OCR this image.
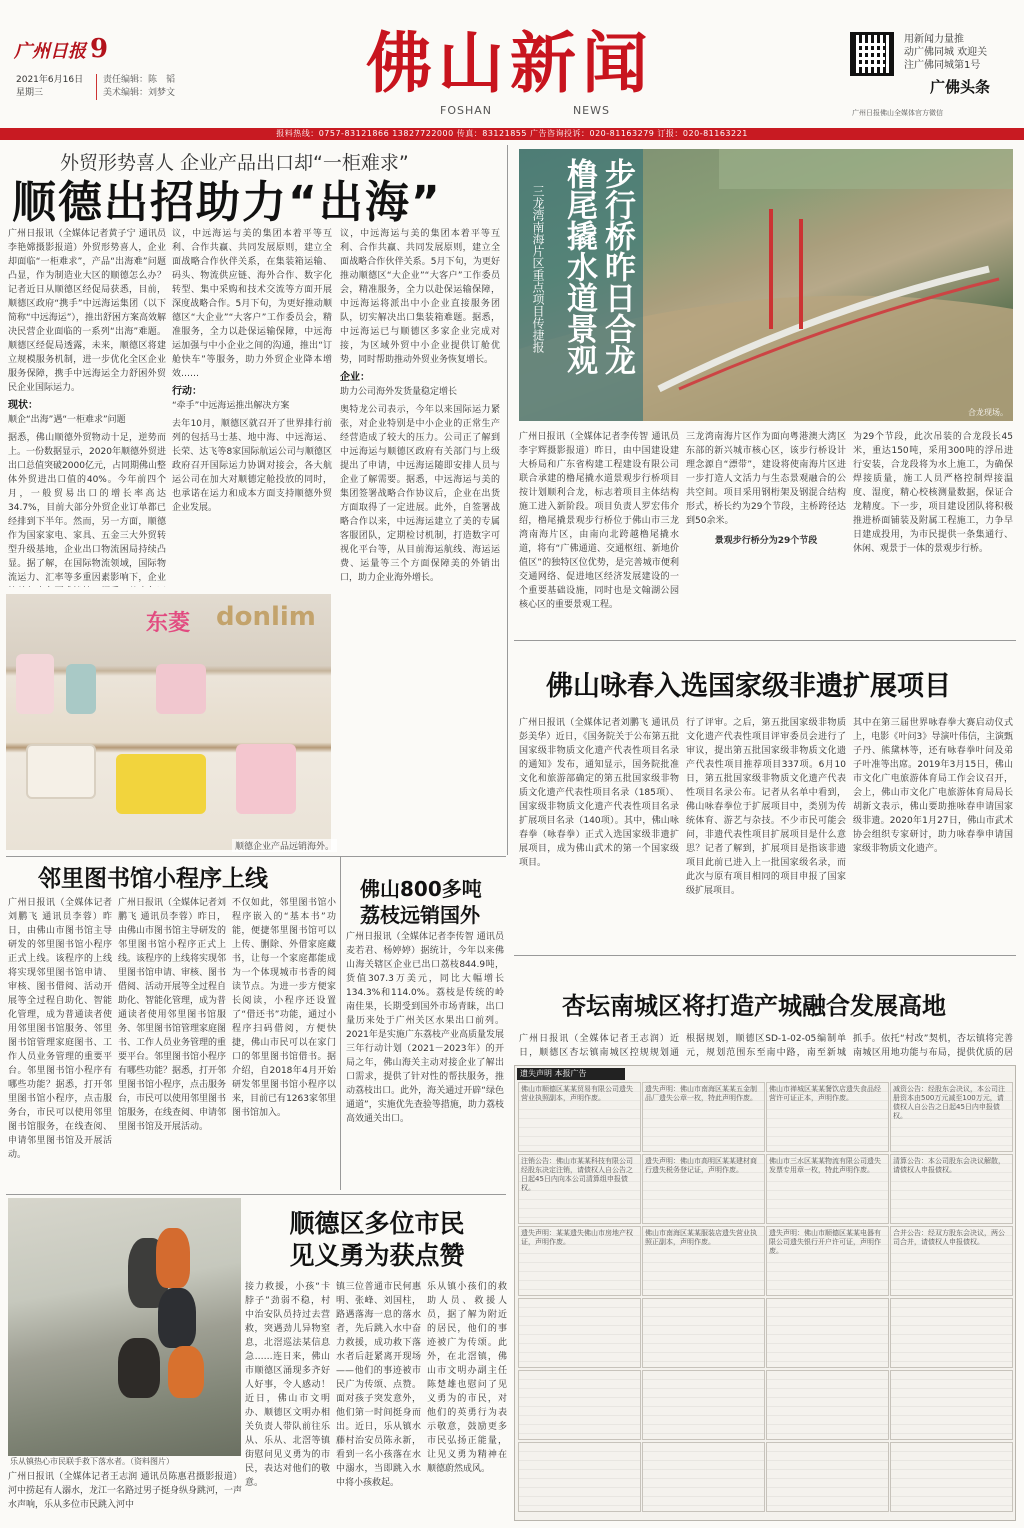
广州日报 9
2021年6月16日
星期三
责任编辑：陈　韬
美术编辑：刘梦文	佛山新闻
FOSHAN	NEWS
用新闻力量推
动广佛同城 欢迎关
注广佛同城第1号
广佛头条
广州日报佛山全媒体官方微信
报料热线：0757-83121866 13827722000 传真：83121855 广告咨询投诉：020-81163279 订报：020-81163221
外贸形势喜人 企业产品出口却“一柜难求”
顺德出招助力“出海”

广州日报讯（全媒体记者黄子宁 通讯员李艳嫦摄影报道）外贸形势喜人，企业却面临“一柜难求”，产品“出海难”问题凸显，作为制造业大区的顺德怎么办？记者近日从顺德区经促局获悉，目前，顺德区政府“携手”中远海运集团（以下简称“中远海运”），推出舒困方案高效解决民营企业面临的一系列“出海”难题。顺德区经促局透露，未来，顺德区将建立规模服务机制，进一步优化全区企业服务保障，携手中远海运全力舒困外贸民企业国际运力。

现状：

顺企“出海”遇“一柜难求”问题

据悉，佛山顺德外贸物动十足，逆势而上。一份数据显示，2020年顺德外贸进出口总值突破2000亿元，占同期佛山整体外贸进出口值的40%。今年前四个月，一般贸易出口的增长率高达34.7%，目前大部分外贸企业订单都已经排到下半年。然而，另一方面，顺德作为国家家电、家具、五金三大外贸转型升级基地，企业出口物流困局持续凸显。据了解，在国际物流领域，国际物流运力、汇率等多重因素影响下，企业

议，中远海运与美的集团本着平等互利、合作共赢、共同发展原则，建立全面战略合作伙伴关系，在集装箱运输、码头、物流供应链、海外合作、数字化转型、集中采购和技术交流等方面开展深度战略合作。5月下旬，为更好推动顺德区“大企业”“大客户”工作委员会，精准服务，全力以赴保运输保障，中远海运加强与中小企业之间的沟通，推出“订舱快车”等服务，助力外贸企业降本增效……

行动：

“牵手”中远海运推出解决方案

去年10月，顺德区就召开了世界排行前列的包括马士基、地中海、中远海运、长荣、达飞等8家国际航运公司与顺德区政府召开国际运力协调对接会，各大航运公司在加大对顺德定舱投放的同时，也承诺在运力和成本方面支持顺德外贸企业发展。

议，中远海运与美的集团本着平等互利、合作共赢、共同发展原则，建立全面战略合作伙伴关系。5月下旬，为更好推动顺德区“大企业”“大客户”工作委员会，精准服务，全力以赴保运输保障，中远海运将派出中小企业直接服务团队，切实解决出口集装箱难题。据悉，中远海运已与顺德区多家企业完成对接，为区域外贸中小企业提供订舱优势，同时帮助推动外贸业务恢复增长。

企业：

助力公司海外发货量稳定增长

奥特龙公司表示，今年以来国际运力紧张，对企业特别是中小企业的正常生产经营造成了较大的压力。公司正了解到中远海运与顺德区政府有关部门与上级提出了申请，中远海运随即安排人员与企业了解需要。据悉，中远海运与美的集团签署战略合作协议后，企业在出货方面取得了一定进展。此外，自签署战略合作以来，中远海运建立了美的专属客服团队，定期检讨机制，打造数字可视化平台等，从目前海运航线、海运运费、运量等三个方面保障美的外销出口，助力企业海外增长。

东菱 donlim
顺德企业产品远销海外。
步行桥昨日合龙
橹尾撬水道景观
三龙湾南海片区重点项目传捷报
合龙现场。

广州日报讯（全媒体记者李传智 通讯员李宇辉摄影报道）昨日，由中国建设建大桥局和广东省构建工程建设有限公司联合承建的橹尾撬水道景观步行桥项目按计划顺利合龙，标志着项目主体结构施工进入新阶段。项目负责人罗宏伟介绍，橹尾撬景观步行桥位于佛山市三龙湾南海片区，由南向北跨越橹尾撬水道，将有“广佛通道、交通枢纽、新地价值区”的独特区位优势，是完善城市便利交通网络、促进地区经济发展建设的一个重要基础设施，同时也是文翰湖公园核心区的重要景观工程。

三龙湾南海片区作为面向粤港澳大湾区东部的新兴城市核心区，该步行桥设计理念源自“漂带”，建设将使南海片区进一步打造人文活力与生态景观融合的公共空间。项目采用钢桁架及钢混合结构形式，桥长约为29个节段，主桥跨径达到50余米。

景观步行桥分为29个节段

为29个节段，此次吊装的合龙段长45米，重达150吨，采用300吨的浮吊进行安装，合龙段将为水上施工，为确保焊接质量，施工人员严格控制焊接温度、湿度，精心校核测量数据，保证合龙精度。下一步，项目建设团队将积极推进桥面铺装及附属工程施工，力争早日建成投用，为市民提供一条集通行、休闲、观景于一体的景观步行桥。

佛山咏春入选国家级非遗扩展项目

广州日报讯（全媒体记者刘鹏飞 通讯员彭美华）近日，《国务院关于公布第五批国家级非物质文化遗产代表性项目名录的通知》发布，通知显示，国务院批准文化和旅游部确定的第五批国家级非物质文化遗产代表性项目名录（185项）、国家级非物质文化遗产代表性项目名录扩展项目名录（140项）。其中，佛山咏春拳（咏春拳）正式入选国家级非遗扩展项目，成为佛山武术的第一个国家级项目。

行了评审。之后，第五批国家级非物质文化遗产代表性项目评审委员会进行了审议，提出第五批国家级非物质文化遗产代表性项目推荐项目337项。6月10日，第五批国家级非物质文化遗产代表性项目名录公布。记者从名单中看到，佛山咏春拳位于扩展项目中，类别为传统体育、游艺与杂技。不少市民可能会问，非遗代表性项目扩展项目是什么意思？记者了解到，扩展项目是指该非遗项目此前已进入上一批国家级名录，而此次与原有项目相同的项目申报了国家级扩展项目。

其中在第三届世界咏春拳大赛启动仪式上，电影《叶问3》导演叶伟信，主演甄子丹、熊黛林等，还有咏春拳叶问及弟子叶准等出席。2019年3月15日，佛山市文化广电旅游体育局工作会议召开，会上，佛山市文化广电旅游体育局局长胡新文表示，佛山要助推咏春申请国家级非遗。2020年1月27日，佛山市武术协会组织专家研讨，助力咏春拳申请国家级非物质文化遗产。

邻里图书馆小程序上线

广州日报讯（全媒体记者刘鹏飞 通讯员李蓉）昨日，由佛山市图书馆主导研发的邻里图书馆小程序正式上线。该程序的上线将实现邻里图书馆申请、审核、图书借阅、活动开展等全过程自助化、智能化管理，成为普通读者使用邻里图书馆服务、邻里图书馆管理家庭图书、工作人员业务管理的重要平台。邻里图书馆小程序有哪些功能？据悉，打开邻里图书馆小程序，点击服务台，市民可以使用邻里图书馆服务，在线查阅、申请邻里图书馆及开展活动。

广州日报讯（全媒体记者刘鹏飞 通讯员李蓉）昨日，由佛山市图书馆主导研发的邻里图书馆小程序正式上线。该程序的上线将实现邻里图书馆申请、审核、图书借阅、活动开展等全过程自助化、智能化管理，成为普通读者使用邻里图书馆服务、邻里图书馆管理家庭图书、工作人员业务管理的重要平台。邻里图书馆小程序有哪些功能？据悉，打开邻里图书馆小程序，点击服务台，市民可以使用邻里图书馆服务，在线查阅、申请邻里图书馆及开展活动。

不仅如此，邻里图书馆小程序嵌入的“基本书”功能，便捷邻里图书馆可以上传、删除、外借家庭藏书，让每一个家庭都能成为一个体现城市书香的阅读节点。为进一步方便家长阅读，小程序还设置了“借还书”功能，通过小程序扫码借阅，方便快捷，佛山市民可以在家门口的邻里图书馆借书。据介绍，自2018年4月开始研发邻里图书馆小程序以来，目前已有1263家邻里图书馆加入。

佛山800多吨
荔枝远销国外

广州日报讯（全媒体记者李传智 通讯员麦若君、杨婷婷）据统计，今年以来佛山海关辖区企业已出口荔枝844.9吨，货值307.3万美元，同比大幅增长134.3%和114.0%。荔枝是传统的岭南佳果，长期受到国外市场青睐，出口量历来处于广州关区水果出口前列。2021年是实施广东荔枝产业高质量发展三年行动计划（2021－2023年）的开局之年，佛山海关主动对接企业了解出口需求，提供了针对性的帮扶服务，推动荔枝出口。此外，海关通过开辟“绿色通道”，实施优先查验等措施，助力荔枝高效通关出口。

杏坛南城区将打造产城融合发展高地

广州日报讯（全媒体记者王志润）近日，顺德区杏坛镇南城区控规规划通

根据规划，顺德区SD-1-02-05编制单元，规划范围东至南中路，南至新城

抓手。依托“村改”契机，杏坛镇将完善南城区用地功能与布局，提供优质的居

遗失声明 本报广告
佛山市顺德区某某贸易有限公司遗失营业执照副本，声明作废。
遗失声明：佛山市南海区某某五金制品厂遗失公章一枚，特此声明作废。
佛山市禅城区某某餐饮店遗失食品经营许可证正本，声明作废。
减资公告：经股东会决议，本公司注册资本由500万元减至100万元，请债权人自公告之日起45日内申报债权。
注销公告：佛山市某某科技有限公司经股东决定注销，请债权人自公告之日起45日内向本公司清算组申报债权。
遗失声明：佛山市高明区某某建材商行遗失税务登记证，声明作废。
佛山市三水区某某物流有限公司遗失发票专用章一枚，特此声明作废。
清算公告：本公司股东会决议解散，请债权人申报债权。
遗失声明：某某遗失佛山市房地产权证，声明作废。
佛山市南海区某某服装店遗失营业执照正副本，声明作废。
遗失声明：佛山市顺德区某某电器有限公司遗失银行开户许可证，声明作废。
合并公告：经双方股东会决议，两公司合并，请债权人申报债权。
乐从镇热心市民联手救下落水者。（资料图片）
顺德区多位市民
见义勇为获点赞

接力救援，小孩“卡脖子”劲弱不稳，村中治安队员持过去营救，突遇劲儿异物窒息，北滘巡法某信息急……连日来，佛山市顺德区涌现多齐好人好事，令人感动！近日，佛山市文明办、顺德区文明办相关负责人带队前往乐从、乐从、北滘等镇街慰问见义勇为的市民，表达对他们的敬意。

镇三位普通市民何惠明、张峰、刘国柱，路遇落海一息的落水者，先后跳入水中奋力救援，成功救下落水者后赶紧离开现场——他们的事迹被市民广为传颂、点赞。面对孩子突发意外，他们第一时间挺身而出。近日，乐从镇水藤村治安员陈永新，看到一名小孩落在水中溺水，当即跳入水中将小孩救起。

乐从镇小孩们的救助人员、救援人员，据了解为附近的居民，他们的事迹被广为传颂。此外，在北滘镇，佛山市文明办副主任陈楚雄也慰问了见义勇为的市民，对他们的英勇行为表示敬意，鼓励更多市民弘扬正能量，让见义勇为精神在顺德蔚然成风。

广州日报讯（全媒体记者王志润 通讯员陈惠君摄影报道）河中捞起有人溺水，龙江一名路过男子挺身纵身跳河，一声水声响，乐从多位市民跳入河中
